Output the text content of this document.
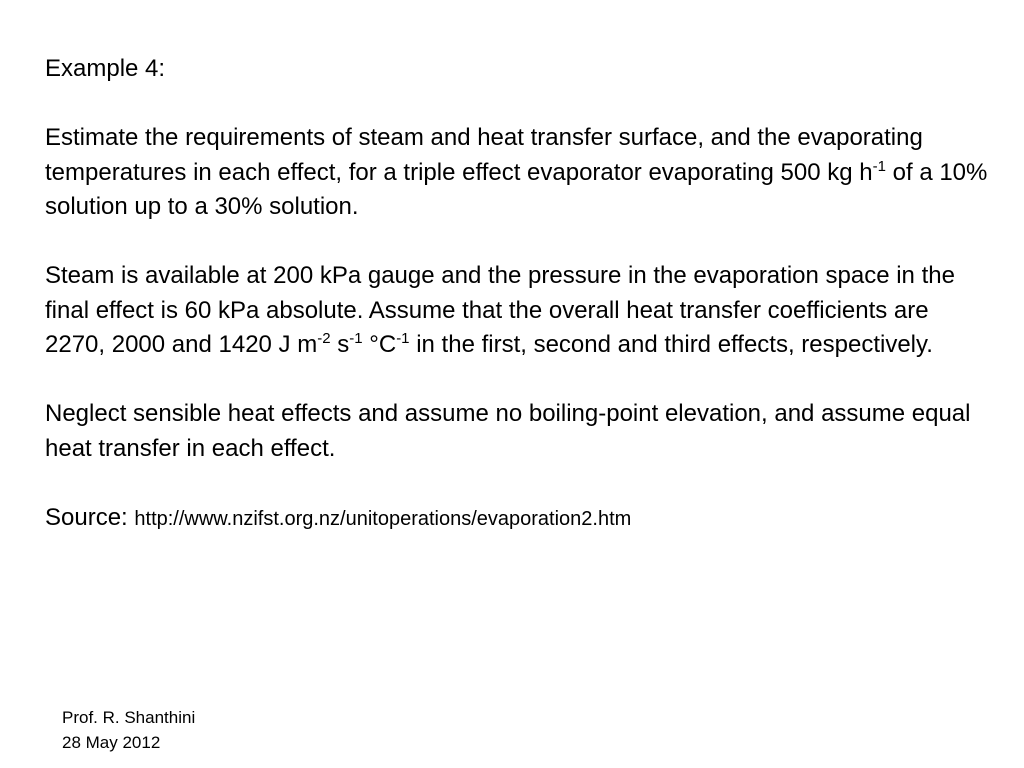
Example 4:

Estimate the requirements of steam and heat transfer surface, and the evaporating temperatures in each effect, for a triple effect evaporator evaporating 500 kg $h^{-1}$ of a 10% solution up to a 30% solution.

Steam is available at 200 kPa gauge and the pressure in the evaporation space in the final effect is 60 kPa absolute. Assume that the overall heat transfer coefficients are 2270, 2000 and 1420 J $m^{-2}$ $s^{-1}$ $^\circ C^{-1}$ in the first, second and third effects, respectively.

Neglect sensible heat effects and assume no boiling-point elevation, and assume equal heat transfer in each effect.

Source: http://www.nzifst.org.nz/unitoperations/evaporation2.htm

Prof. R. Shanthini
28 May 2012
